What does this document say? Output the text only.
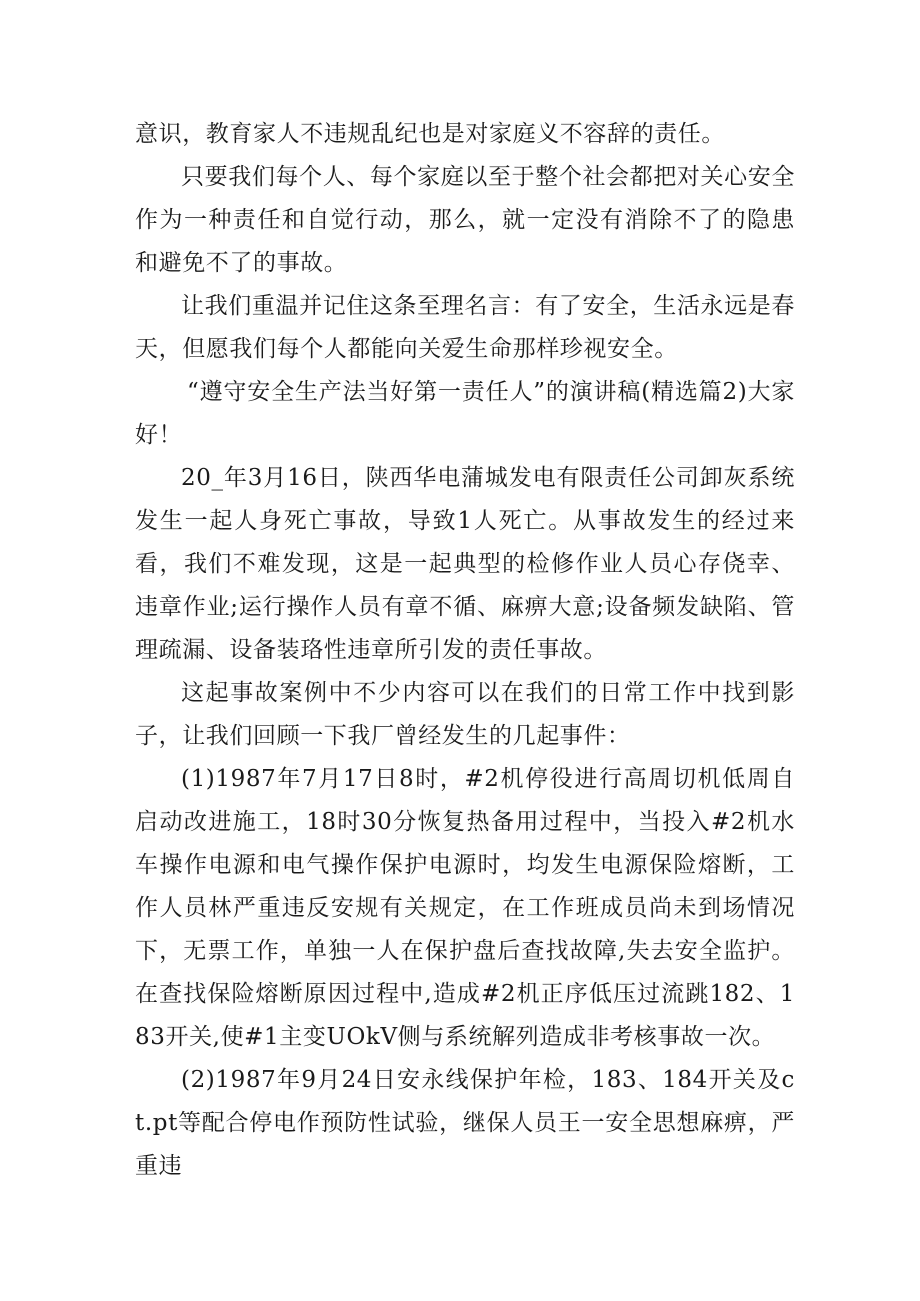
意识，教育家人不违规乱纪也是对家庭义不容辞的责任。

只要我们每个人、每个家庭以至于整个社会都把对关心安全作为一种责任和自觉行动，那么，就一定没有消除不了的隐患和避免不了的事故。

让我们重温并记住这条至理名言：有了安全，生活永远是春天，但愿我们每个人都能向关爱生命那样珍视安全。

“遵守安全生产法当好第一责任人”的演讲稿(精选篇2)大家好！

20_年3月16日，陕西华电蒲城发电有限责任公司卸灰系统发生一起人身死亡事故，导致1人死亡。从事故发生的经过来看，我们不难发现，这是一起典型的检修作业人员心存侥幸、违章作业;运行操作人员有章不循、麻痹大意;设备频发缺陷、管理疏漏、设备装珞性违章所引发的责任事故。

这起事故案例中不少内容可以在我们的日常工作中找到影子，让我们回顾一下我厂曾经发生的几起事件：

(1)1987年7月17日8时，#2机停役进行高周切机低周自启动改进施工，18时30分恢复热备用过程中，当投入#2机水车操作电源和电气操作保护电源时，均发生电源保险熔断，工作人员林严重违反安规有关规定，在工作班成员尚未到场情况下，无票工作，单独一人在保护盘后查找故障,失去安全监护。在查找保险熔断原因过程中,造成#2机正序低压过流跳182、183开关,使#1主变UOkV侧与系统解列造成非考核事故一次。

(2)1987年9月24日安永线保护年检，183、184开关及ct.pt等配合停电作预防性试验，继保人员王一安全思想麻痹，严重违
